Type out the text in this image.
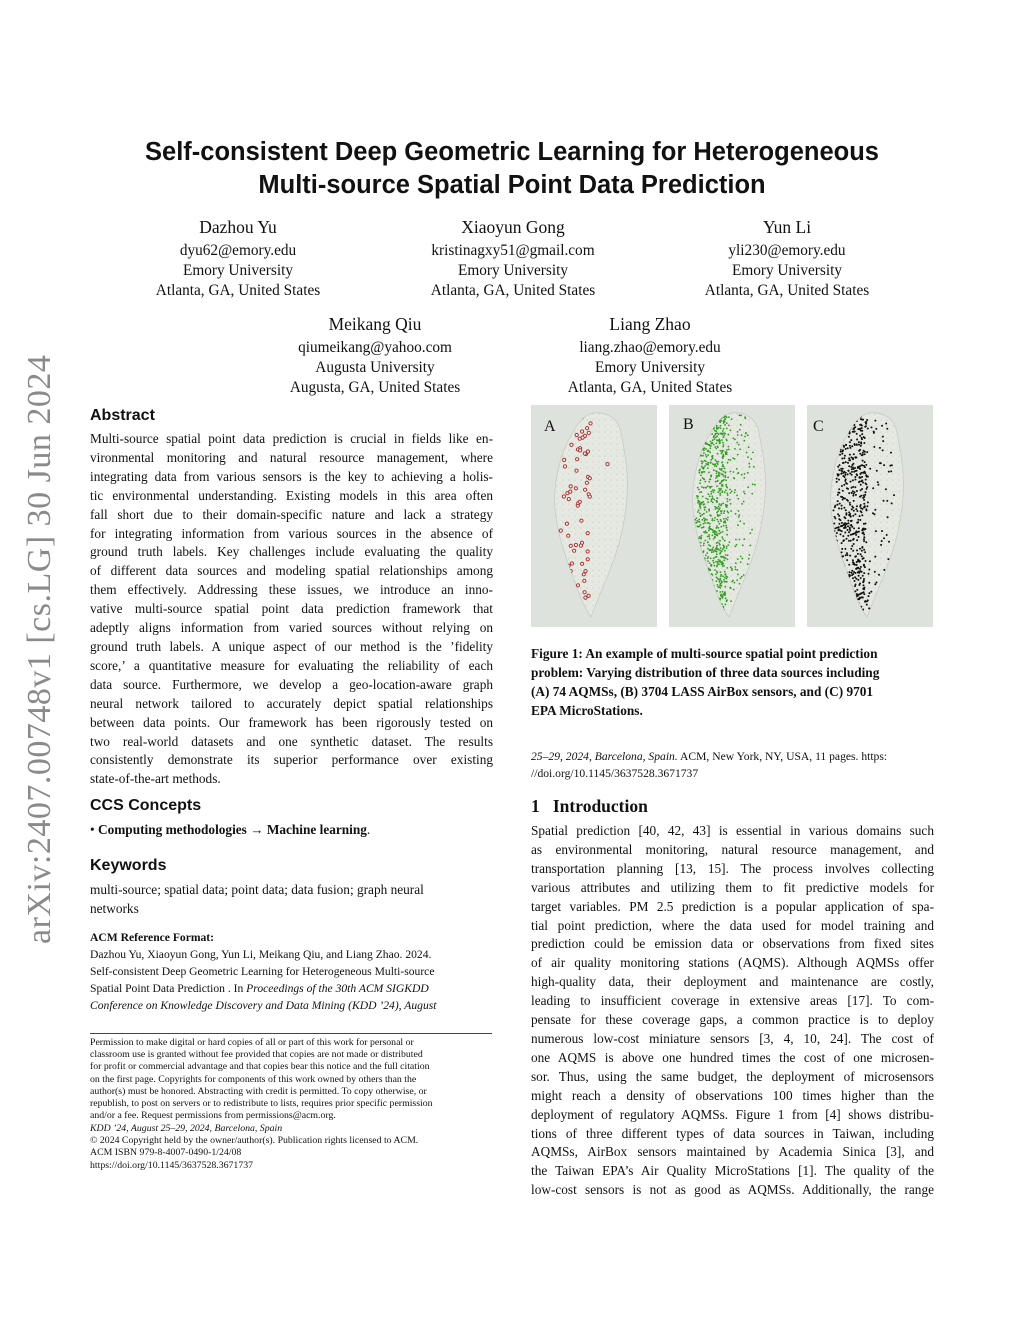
arXiv:2407.00748v1 [cs.LG] 30 Jun 2024
Self-consistent Deep Geometric Learning for Heterogeneous
Multi-source Spatial Point Data Prediction
Dazhou Yu
dyu62@emory.edu
Emory University
Atlanta, GA, United States
Xiaoyun Gong
kristinagxy51@gmail.com
Emory University
Atlanta, GA, United States
Yun Li
yli230@emory.edu
Emory University
Atlanta, GA, United States
Meikang Qiu
qiumeikang@yahoo.com
Augusta University
Augusta, GA, United States
Liang Zhao
liang.zhao@emory.edu
Emory University
Atlanta, GA, United States
Abstract
Multi-source spatial point data prediction is crucial in fields like en-
vironmental monitoring and natural resource management, where
integrating data from various sensors is the key to achieving a holis-
tic environmental understanding. Existing models in this area often
fall short due to their domain-specific nature and lack a strategy
for integrating information from various sources in the absence of
ground truth labels. Key challenges include evaluating the quality
of different data sources and modeling spatial relationships among
them effectively. Addressing these issues, we introduce an inno-
vative multi-source spatial point data prediction framework that
adeptly aligns information from varied sources without relying on
ground truth labels. A unique aspect of our method is the ’fidelity
score,’ a quantitative measure for evaluating the reliability of each
data source. Furthermore, we develop a geo-location-aware graph
neural network tailored to accurately depict spatial relationships
between data points. Our framework has been rigorously tested on
two real-world datasets and one synthetic dataset. The results
consistently demonstrate its superior performance over existing
state-of-the-art methods.
CCS Concepts
• Computing methodologies → Machine learning.
Keywords

multi-source; spatial data; point data; data fusion; graph neural

networks

ACM Reference Format:
Dazhou Yu, Xiaoyun Gong, Yun Li, Meikang Qiu, and Liang Zhao. 2024.
Self-consistent Deep Geometric Learning for Heterogeneous Multi-source
Spatial Point Data Prediction . In Proceedings of the 30th ACM SIGKDD
Conference on Knowledge Discovery and Data Mining (KDD ’24), August
Permission to make digital or hard copies of all or part of this work for personal or
classroom use is granted without fee provided that copies are not made or distributed
for profit or commercial advantage and that copies bear this notice and the full citation
on the first page. Copyrights for components of this work owned by others than the
author(s) must be honored. Abstracting with credit is permitted. To copy otherwise, or
republish, to post on servers or to redistribute to lists, requires prior specific permission
and/or a fee. Request permissions from permissions@acm.org.
KDD ’24, August 25–29, 2024, Barcelona, Spain
© 2024 Copyright held by the owner/author(s). Publication rights licensed to ACM.
ACM ISBN 979-8-4007-0490-1/24/08
https://doi.org/10.1145/3637528.3671737
A	B	C
Figure 1: An example of multi-source spatial point prediction
problem: Varying distribution of three data sources including
(A) 74 AQMSs, (B) 3704 LASS AirBox sensors, and (C) 9701
EPA MicroStations.
25–29, 2024, Barcelona, Spain. ACM, New York, NY, USA, 11 pages. https:
//doi.org/10.1145/3637528.3671737
1 Introduction
Spatial prediction [40, 42, 43] is essential in various domains such
as environmental monitoring, natural resource management, and
transportation planning [13, 15]. The process involves collecting
various attributes and utilizing them to fit predictive models for
target variables. PM 2.5 prediction is a popular application of spa-
tial point prediction, where the data used for model training and
prediction could be emission data or observations from fixed sites
of air quality monitoring stations (AQMS). Although AQMSs offer
high-quality data, their deployment and maintenance are costly,
leading to insufficient coverage in extensive areas [17]. To com-
pensate for these coverage gaps, a common practice is to deploy
numerous low-cost miniature sensors [3, 4, 10, 24]. The cost of
one AQMS is above one hundred times the cost of one microsen-
sor. Thus, using the same budget, the deployment of microsensors
might reach a density of observations 100 times higher than the
deployment of regulatory AQMSs. Figure 1 from [4] shows distribu-
tions of three different types of data sources in Taiwan, including
AQMSs, AirBox sensors maintained by Academia Sinica [3], and
the Taiwan EPA’s Air Quality MicroStations [1]. The quality of the
low-cost sensors is not as good as AQMSs. Additionally, the range
